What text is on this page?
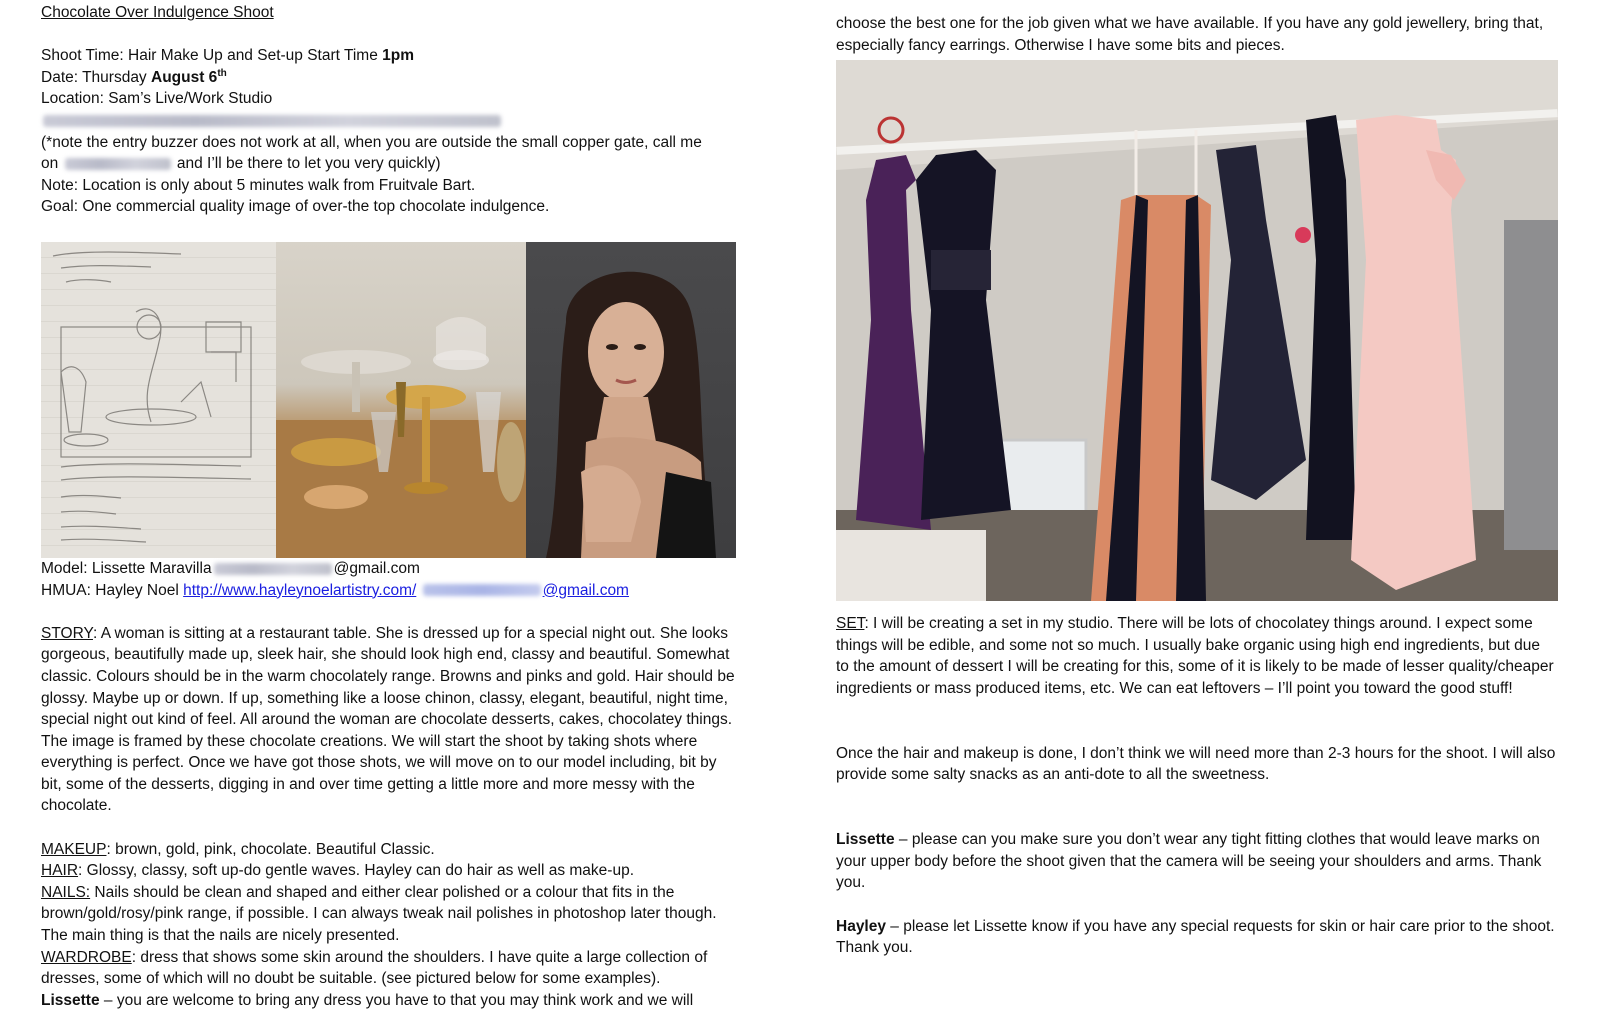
Chocolate Over Indulgence Shoot

Shoot Time: Hair Make Up and Set-up Start Time 1pm

Date: Thursday August 6th

Location: Sam’s Live/Work Studio

(*note the entry buzzer does not work at all, when you are outside the small copper gate, call me
on	and I’ll be there to let you very quickly)

Note: Location is only about 5 minutes walk from Fruitvale Bart.

Goal: One commercial quality image of over-the top chocolate indulgence.

Model: Lissette Maravilla	@gmail.com

HMUA: Hayley Noel http://www.hayleynoelartistry.com/	@gmail.com

STORY: A woman is sitting at a restaurant table. She is dressed up for a special night out. She looks gorgeous, beautifully made up, sleek hair, she should look high end, classy and beautiful. Somewhat classic. Colours should be in the warm chocolately range. Browns and pinks and gold. Hair should be glossy. Maybe up or down. If up, something like a loose chinon, classy, elegant, beautiful, night time, special night out kind of feel. All around the woman are chocolate desserts, cakes, chocolatey things. The image is framed by these chocolate creations. We will start the shoot by taking shots where everything is perfect. Once we have got those shots, we will move on to our model including, bit by bit, some of the desserts, digging in and over time getting a little more and more messy with the chocolate.

MAKEUP: brown, gold, pink, chocolate. Beautiful Classic.

HAIR: Glossy, classy, soft up-do gentle waves. Hayley can do hair as well as make-up.

NAILS: Nails should be clean and shaped and either clear polished or a colour that fits in the brown/gold/rosy/pink range, if possible. I can always tweak nail polishes in photoshop later though. The main thing is that the nails are nicely presented.

WARDROBE: dress that shows some skin around the shoulders. I have quite a large collection of dresses, some of which will no doubt be suitable. (see pictured below for some examples).

Lissette – you are welcome to bring any dress you have to that you may think work and we will

choose the best one for the job given what we have available. If you have any gold jewellery, bring that, especially fancy earrings. Otherwise I have some bits and pieces.

SET: I will be creating a set in my studio. There will be lots of chocolatey things around. I expect some things will be edible, and some not so much. I usually bake organic using high end ingredients, but due to the amount of dessert I will be creating for this, some of it is likely to be made of lesser quality/cheaper ingredients or mass produced items, etc. We can eat leftovers – I’ll point you toward the good stuff!

Once the hair and makeup is done, I don’t think we will need more than 2-3 hours for the shoot. I will also provide some salty snacks as an anti-dote to all the sweetness.

Lissette – please can you make sure you don’t wear any tight fitting clothes that would leave marks on your upper body before the shoot given that the camera will be seeing your shoulders and arms. Thank you.

Hayley – please let Lissette know if you have any special requests for skin or hair care prior to the shoot. Thank you.
